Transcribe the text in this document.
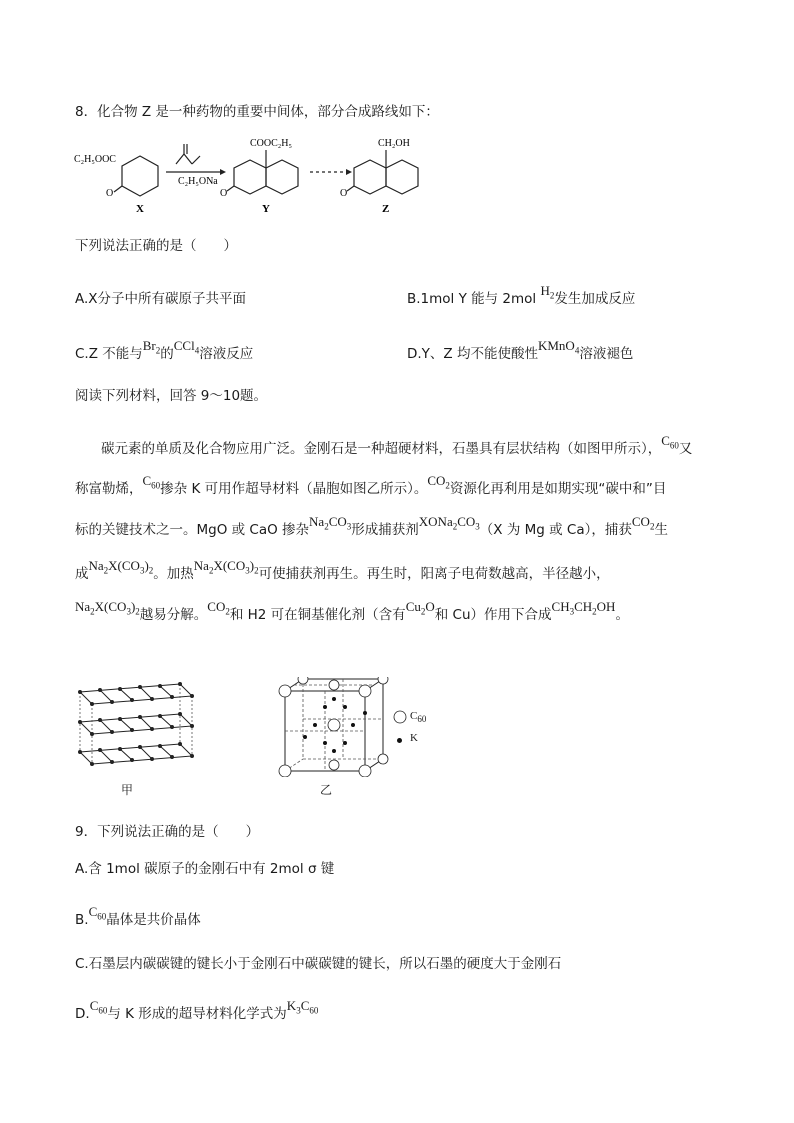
8．化合物 Z 是一种药物的重要中间体，部分合成路线如下：
C₂H₅OOC
O
C₂H₅ONa
COOC₂H₅
O
CH₂OH
O
X	Y	Z
下列说法正确的是（　　）
A.X分子中所有碳原子共平面	B.1mol Y 能与 2mol $H_2$发生加成反应
C.Z 不能与$Br_2$的CCl$_4$溶液反应	D.Y、Z 均不能使酸性KMnO$_4$溶液褪色
阅读下列材料，回答 9～10题。
碳元素的单质及化合物应用广泛。金刚石是一种超硬材料，石墨具有层状结构（如图甲所示），$C_{60}$又
称富勒烯，$C_{60}$掺杂 K 可用作超导材料（晶胞如图乙所示）。$CO_2$资源化再利用是如期实现“碳中和”目
标的关键技术之一。MgO 或 CaO 掺杂$Na_2CO_3$形成捕获剂$XONa_2CO_3(X$ 为 Mg 或 Ca），捕获$CO_2$生
成$Na_2X(CO_3)_2$。加热$Na_2X(CO_3)_2$可使捕获剂再生。再生时，阳离子电荷数越高，半径越小，
$Na_2X(CO_3)_2$越易分解。$CO_2$和 H2 可在铜基催化剂（含有$Cu_2O$和 Cu）作用下合成$CH_3CH_2OH$。
甲
$C_{60}$
K
乙
9．下列说法正确的是（　　）
A.含 1mol 碳原子的金刚石中有 2mol σ 键
$B.C_{60}$晶体是共价晶体
C.石墨层内碳碳键的键长小于金刚石中碳碳键的键长，所以石墨的硬度大于金刚石
$D.C_{60}$与 K 形成的超导材料化学式为$K_3C_{60}$
